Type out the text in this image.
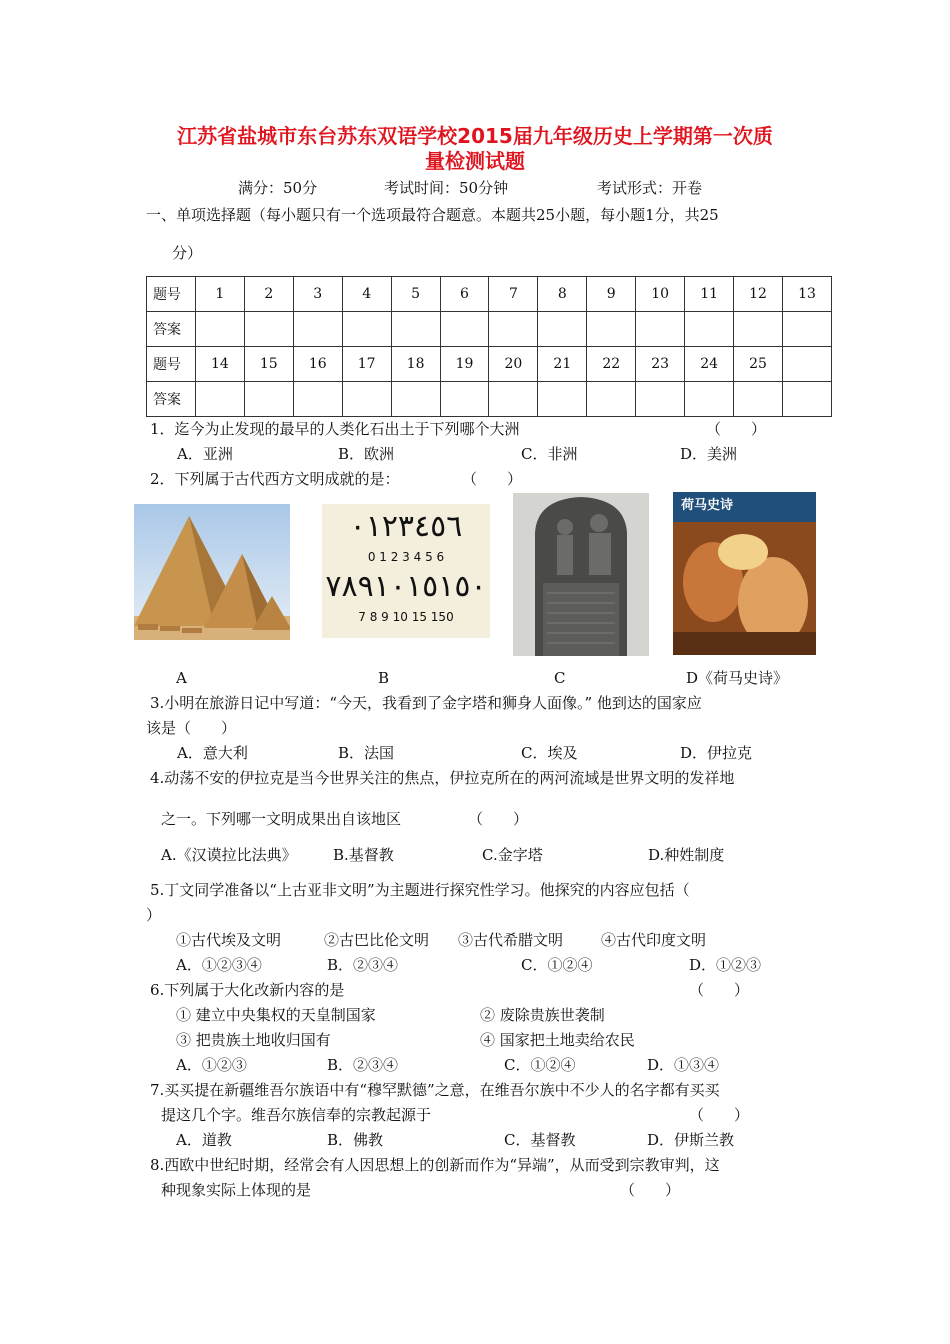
江苏省盐城市东台苏东双语学校2015届九年级历史上学期第一次质
量检测试题
满分：50分	考试时间：50分钟	考试形式：开卷
一、单项选择题（每小题只有一个选项最符合题意。本题共25小题，每小题1分，共25
分）
题号	1	2	3	4	5	6	7	8	9	10	11	12	13
答案													
题号	14	15	16	17	18	19	20	21	22	23	24	25	
答案													
1．迄今为止发现的最早的人类化石出土于下列哪个大洲	（　　）
A．亚洲	B．欧洲	C．非洲	D．美洲
2．下列属于古代西方文明成就的是：	（　　）
٠١٢٣٤٥٦
0 1 2 3 4 5 6
٧٨٩١٠١٥١٥٠
7 8 9 10 15 150
荷马史诗
A	B	C	D《荷马史诗》
3.小明在旅游日记中写道：“今天，我看到了金字塔和狮身人面像。” 他到达的国家应
该是（　　）
A．意大利	B．法国	C．埃及	D．伊拉克
4.动荡不安的伊拉克是当今世界关注的焦点，伊拉克所在的两河流域是世界文明的发祥地
之一。下列哪一文明成果出自该地区	（　　）
A.《汉谟拉比法典》 B.基督教	C.金字塔	D.种姓制度
5.丁文同学准备以“上古亚非文明”为主题进行探究性学习。他探究的内容应包括（
）
①古代埃及文明	②古巴比伦文明 ③古代希腊文明	④古代印度文明
A．①②③④	B．②③④	C．①②④	D．①②③
6.下列属于大化改新内容的是	（　　）
① 建立中央集权的天皇制国家	② 废除贵族世袭制
③ 把贵族土地收归国有	④ 国家把土地卖给农民
A．①②③	B．②③④	C．①②④	D．①③④
7.买买提在新疆维吾尔族语中有“穆罕默德”之意，在维吾尔族中不少人的名字都有买买
提这几个字。维吾尔族信奉的宗教起源于	（　　）
A．道教	B．佛教	C．基督教	D．伊斯兰教
8.西欧中世纪时期，经常会有人因思想上的创新而作为“异端”，从而受到宗教审判，这
种现象实际上体现的是	（　　）
